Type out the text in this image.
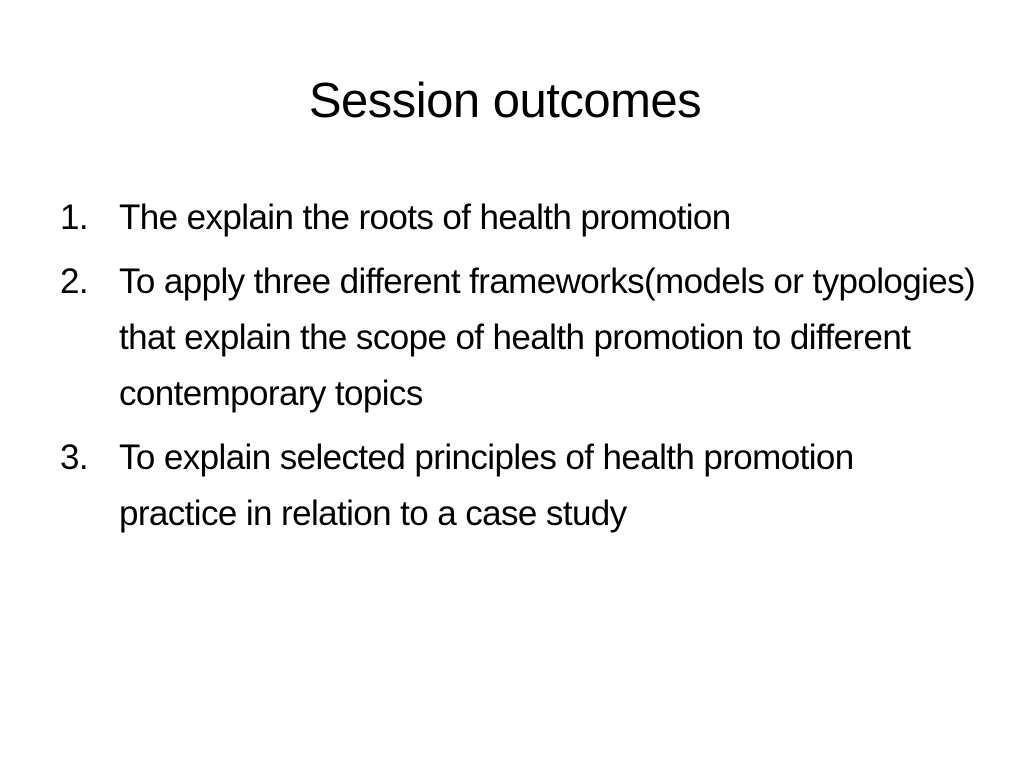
Session outcomes
1. The explain the roots of health promotion
2. To apply three different frameworks(models or typologies) that explain the scope of health promotion to different contemporary topics
3. To explain selected principles of health promotion practice in relation to a case study
